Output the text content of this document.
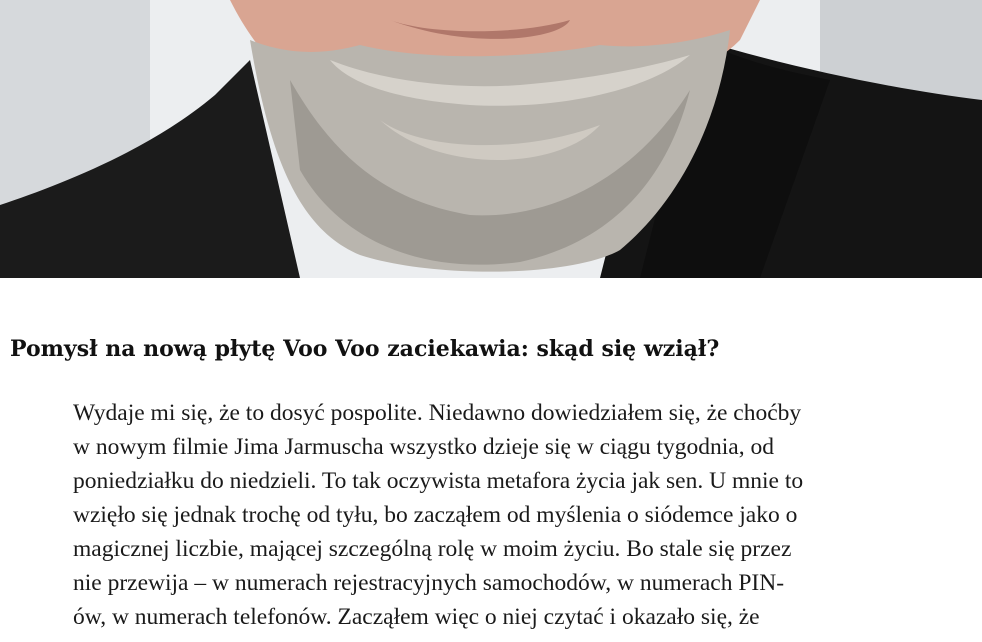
Pomysł na nową płytę Voo Voo zaciekawia: skąd się wziął?

Wydaje mi się, że to dosyć pospolite. Niedawno dowiedziałem się, że choćby
w nowym filmie Jima Jarmuscha wszystko dzieje się w ciągu tygodnia, od
poniedziałku do niedzieli. To tak oczywista metafora życia jak sen. U mnie to
wzięło się jednak trochę od tyłu, bo zacząłem od myślenia o siódemce jako o
magicznej liczbie, mającej szczególną rolę w moim życiu. Bo stale się przez
nie przewija – w numerach rejestracyjnych samochodów, w numerach PIN-
ów, w numerach telefonów. Zacząłem więc o niej czytać i okazało się, że
